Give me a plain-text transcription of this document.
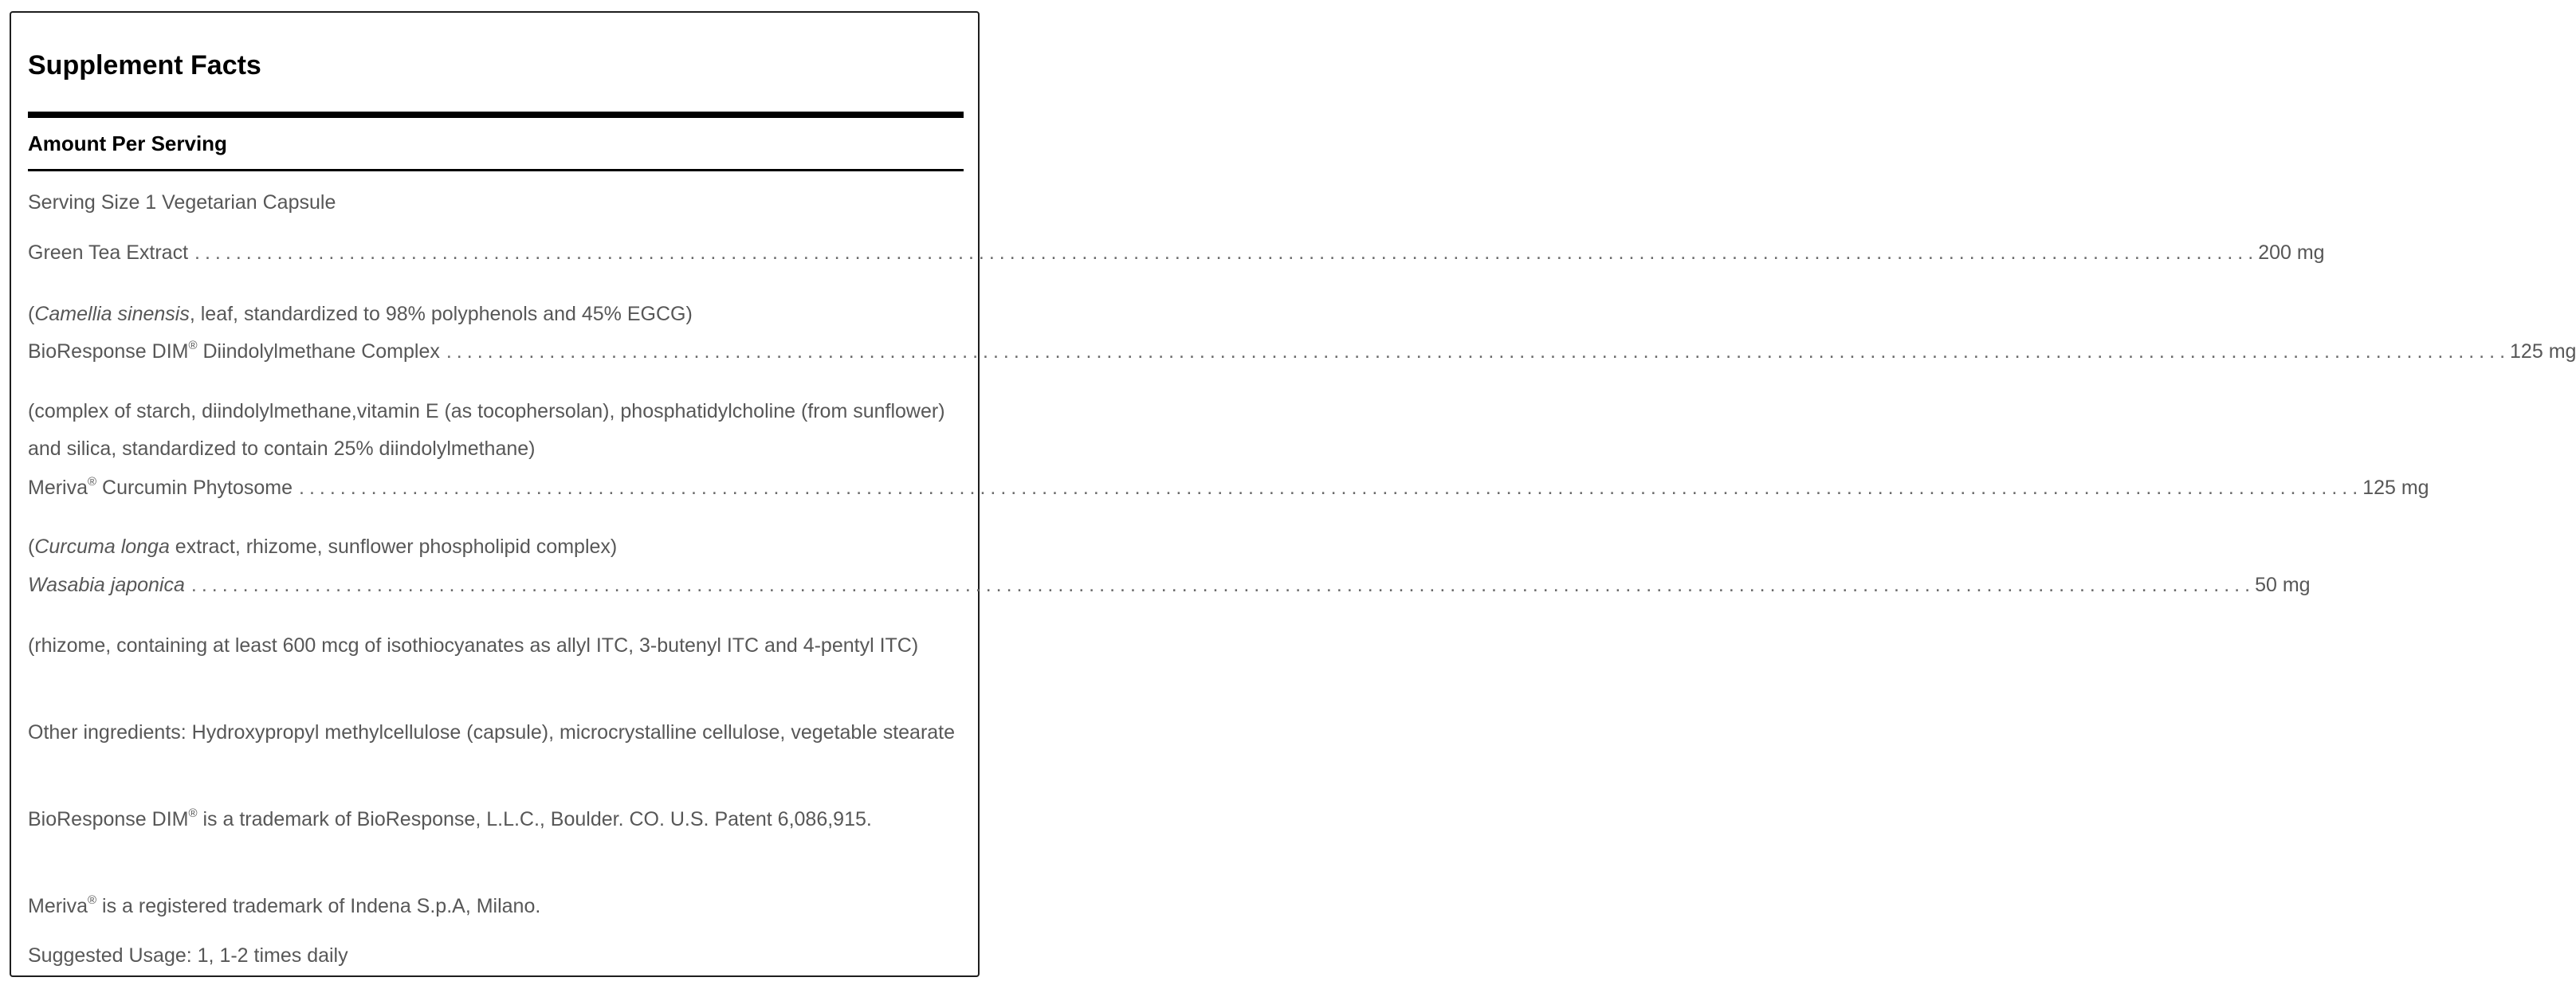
Supplement Facts
Amount Per Serving
Serving Size 1 Vegetarian Capsule
Green Tea Extract ........................................................................................................................................................................................................ 200 mg
(Camellia sinensis, leaf, standardized to 98% polyphenols and 45% EGCG)
BioResponse DIM® Diindolylmethane Complex ........................................................................................................................................................................................................ 125 mg
(complex of starch, diindolylmethane,vitamin E (as tocophersolan), phosphatidylcholine (from sunflower) and silica, standardized to contain 25% diindolylmethane)
Meriva® Curcumin Phytosome ........................................................................................................................................................................................................ 125 mg
(Curcuma longa extract, rhizome, sunflower phospholipid complex)
Wasabia japonica ........................................................................................................................................................................................................ 50 mg
(rhizome, containing at least 600 mcg of isothiocyanates as allyl ITC, 3-butenyl ITC and 4-pentyl ITC)
Other ingredients: Hydroxypropyl methylcellulose (capsule), microcrystalline cellulose, vegetable stearate
BioResponse DIM® is a trademark of BioResponse, L.L.C., Boulder. CO. U.S. Patent 6,086,915.
Meriva® is a registered trademark of Indena S.p.A, Milano.
Suggested Usage: 1, 1-2 times daily
